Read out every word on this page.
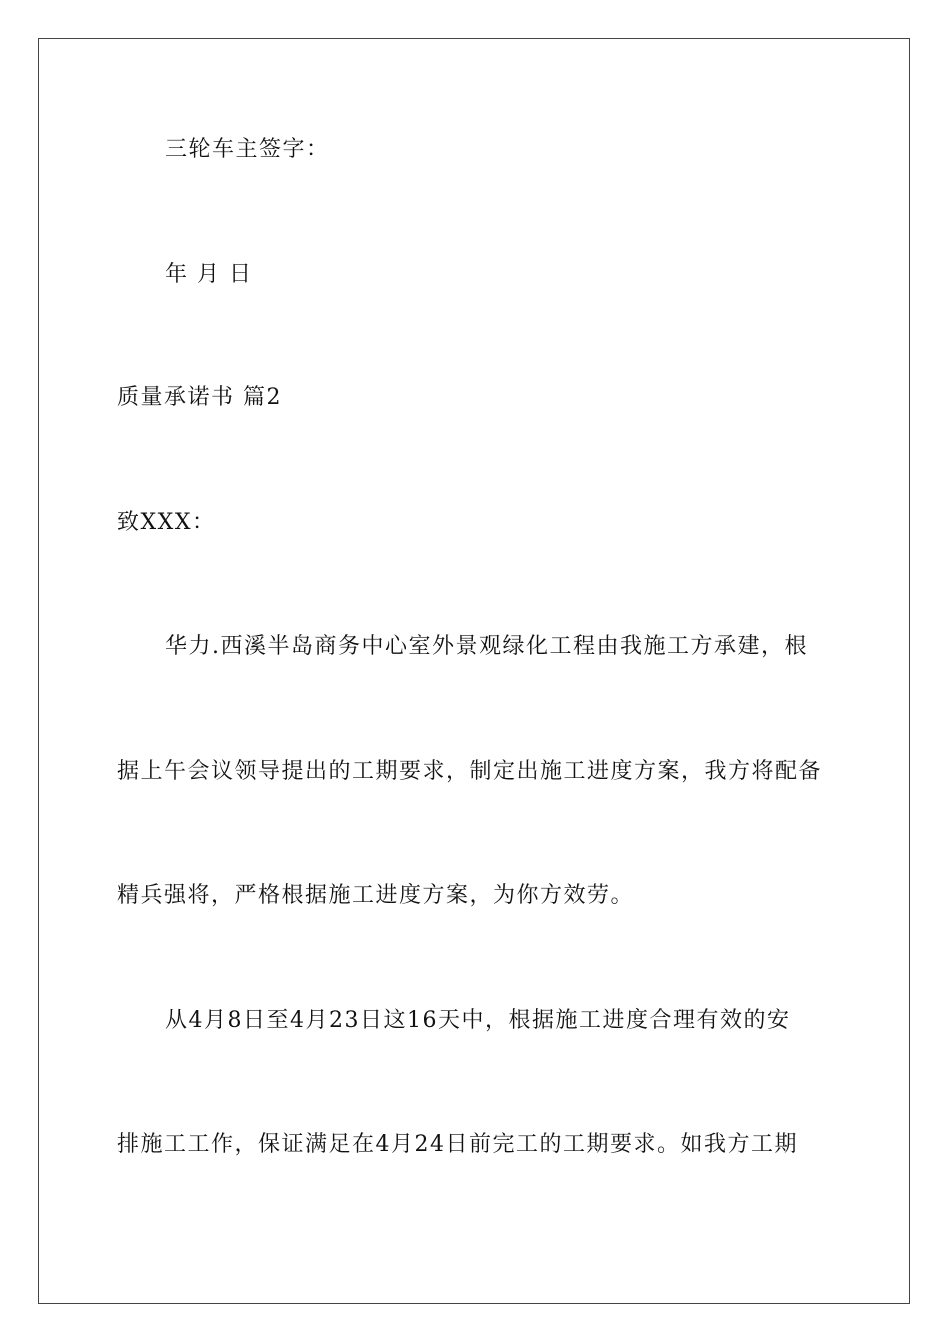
三轮车主签字：
年 月 日
质量承诺书 篇2
致XXX：
华力.西溪半岛商务中心室外景观绿化工程由我施工方承建，根
据上午会议领导提出的工期要求，制定出施工进度方案，我方将配备
精兵强将，严格根据施工进度方案，为你方效劳。
从4月8日至4月23日这16天中，根据施工进度合理有效的安
排施工工作，保证满足在4月24日前完工的工期要求。如我方工期
